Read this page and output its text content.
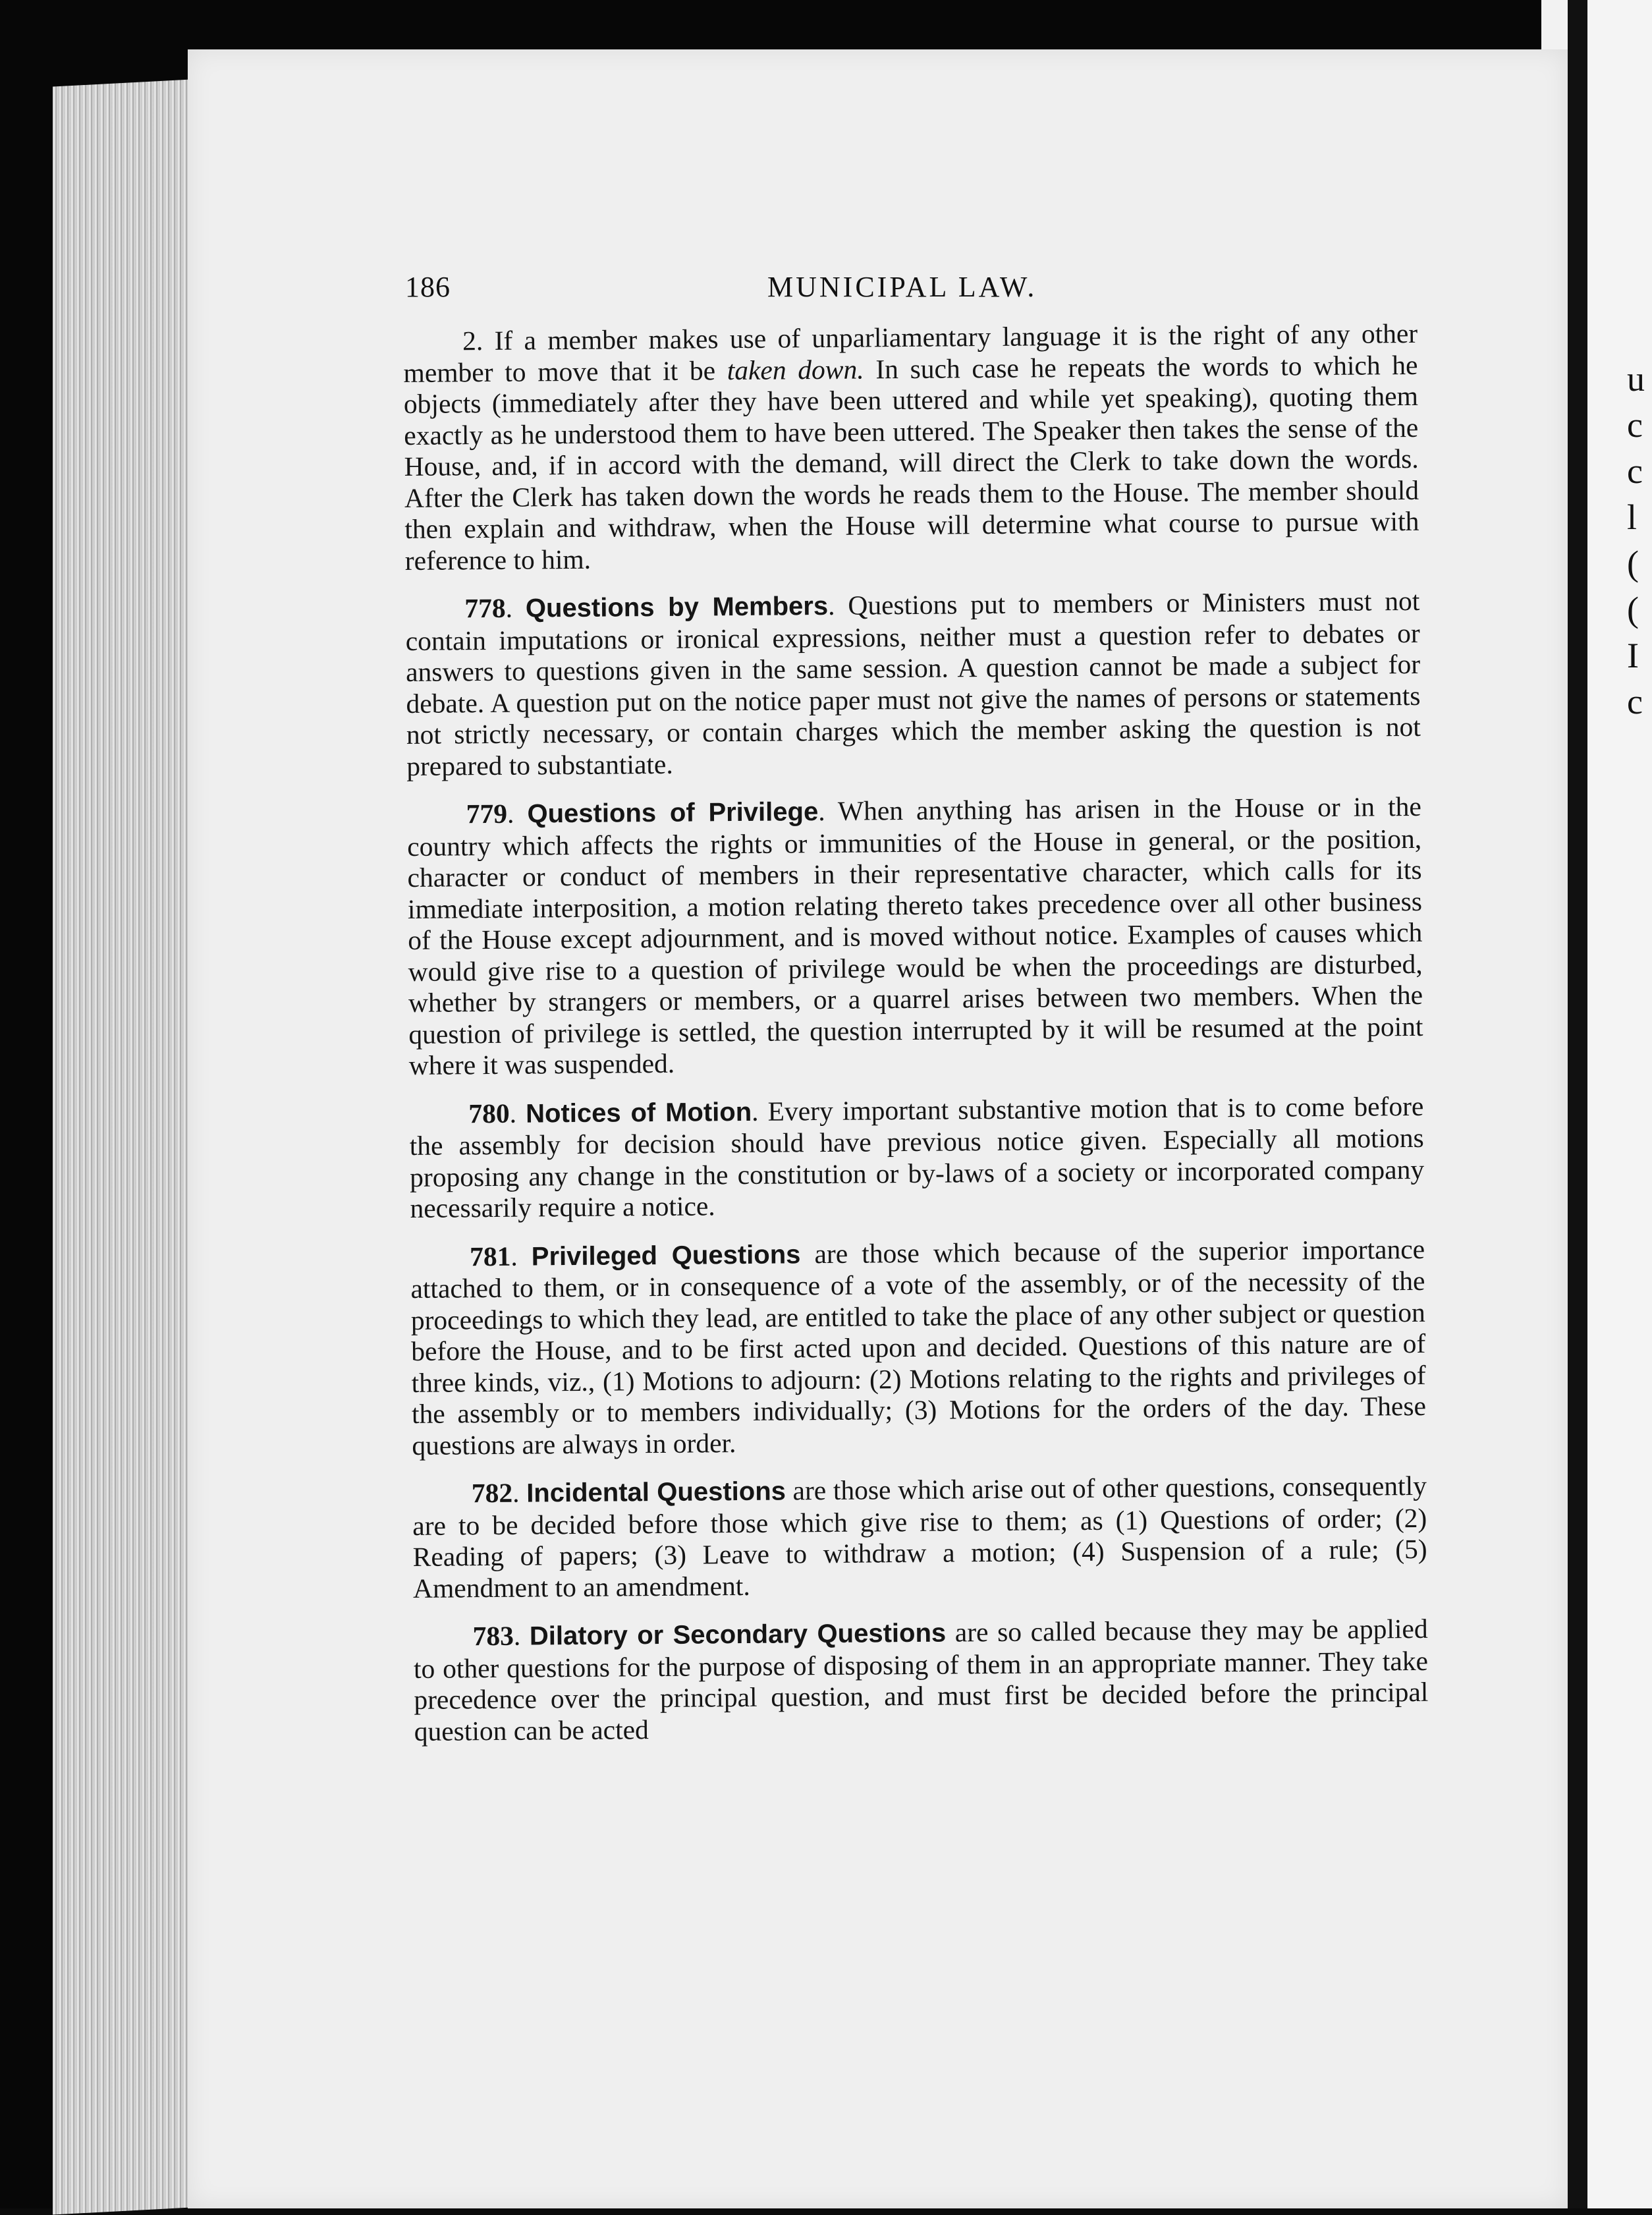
u
c
c
l
(
(
I
c
186	MUNICIPAL LAW.

2. If a member makes use of unparliamentary language it is the right of any other member to move that it be taken down. In such case he repeats the words to which he objects (immediately after they have been uttered and while yet speaking), quoting them exactly as he understood them to have been uttered. The Speaker then takes the sense of the House, and, if in accord with the demand, will direct the Clerk to take down the words. After the Clerk has taken down the words he reads them to the House. The member should then explain and withdraw, when the House will determine what course to pursue with reference to him.

778. Questions by Members. Questions put to members or Ministers must not contain imputations or ironical expressions, neither must a question refer to debates or answers to questions given in the same session. A question cannot be made a subject for debate. A question put on the notice paper must not give the names of persons or statements not strictly necessary, or contain charges which the member asking the question is not prepared to substantiate.

779. Questions of Privilege. When anything has arisen in the House or in the country which affects the rights or immunities of the House in general, or the position, character or conduct of members in their representative character, which calls for its immediate interposition, a motion relating thereto takes precedence over all other business of the House except adjournment, and is moved without notice. Examples of causes which would give rise to a question of privilege would be when the proceedings are disturbed, whether by strangers or members, or a quarrel arises between two members. When the question of privilege is settled, the question interrupted by it will be resumed at the point where it was suspended.

780. Notices of Motion. Every important substantive motion that is to come before the assembly for decision should have previous notice given. Especially all motions proposing any change in the constitution or by-laws of a society or incorporated company necessarily require a notice.

781. Privileged Questions are those which because of the superior importance attached to them, or in consequence of a vote of the assembly, or of the necessity of the proceedings to which they lead, are entitled to take the place of any other subject or question before the House, and to be first acted upon and decided. Questions of this nature are of three kinds, viz., (1) Motions to adjourn: (2) Motions relating to the rights and privileges of the assembly or to members individually; (3) Motions for the orders of the day. These questions are always in order.

782. Incidental Questions are those which arise out of other questions, consequently are to be decided before those which give rise to them; as (1) Questions of order; (2) Reading of papers; (3) Leave to withdraw a motion; (4) Suspension of a rule; (5) Amendment to an amendment.

783. Dilatory or Secondary Questions are so called because they may be applied to other questions for the purpose of disposing of them in an appropriate manner. They take precedence over the principal question, and must first be decided before the principal question can be acted
